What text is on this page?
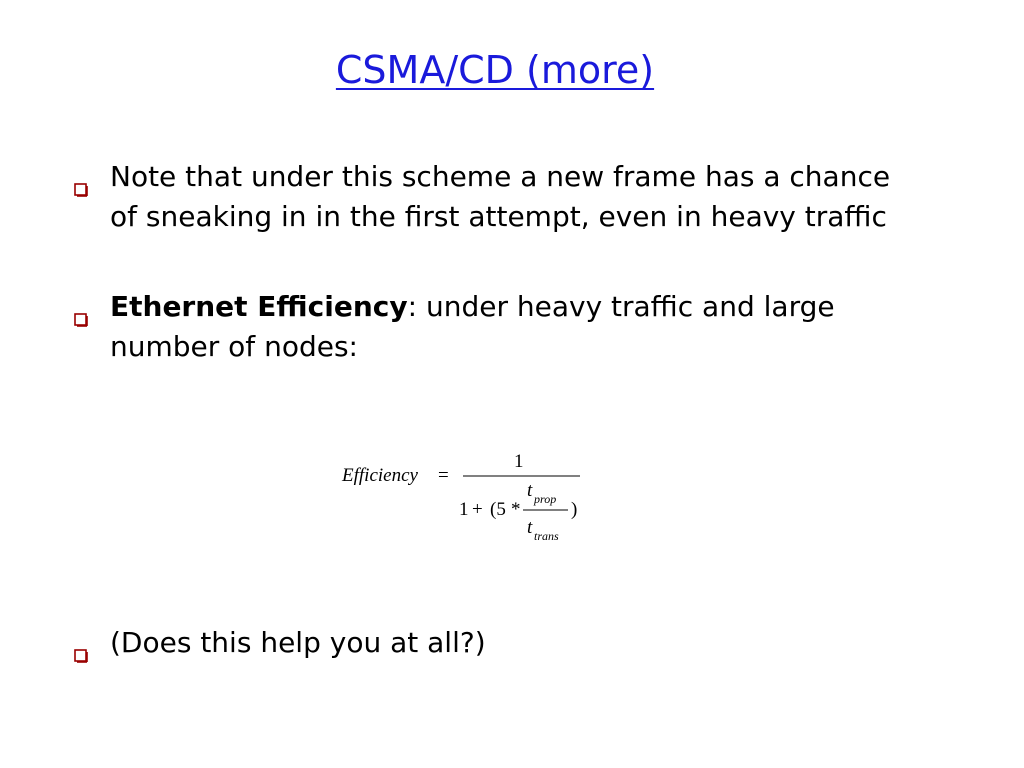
CSMA/CD (more)
Note that under this scheme a new frame has a chance of sneaking in in the first attempt, even in heavy traffic
Ethernet Efficiency: under heavy traffic and large number of nodes:
Efficiency =
1
1 + (5 *
t prop
t trans
)
(Does this help you at all?)
